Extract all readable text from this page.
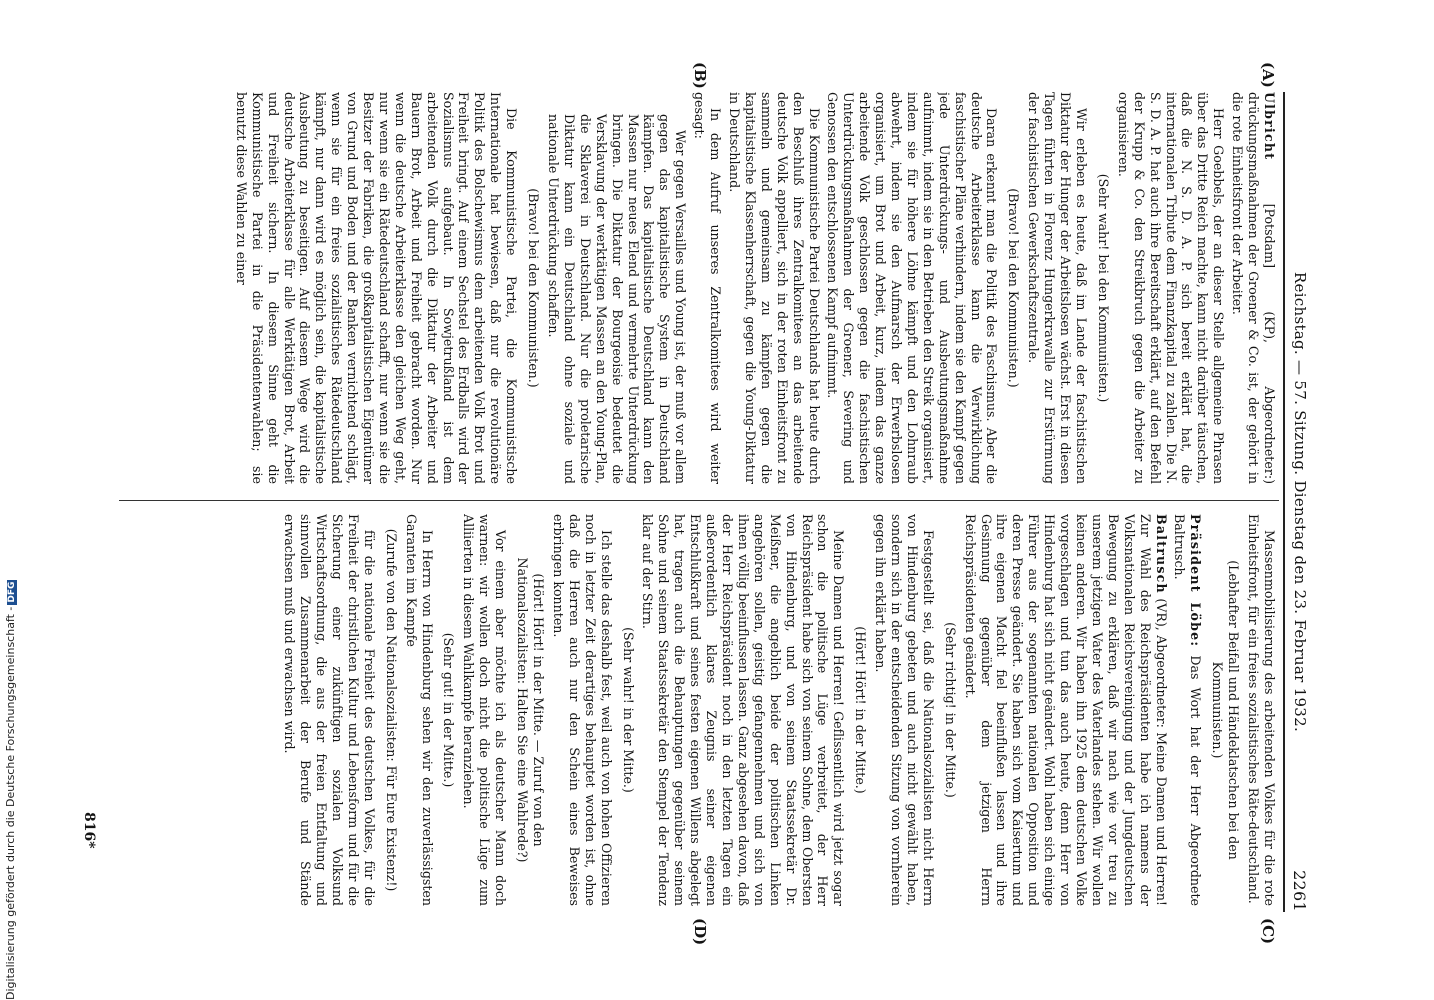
Reichstag. — 57. Sitzung. Dienstag den 23. Februar 1932.
2261
(A)
(B)
(C)
(D)

Ulbricht [Potsdam] (KP), Abgeordneter:) drückungsmaßnahmen der Groener & Co. ist, der gehört in die rote Einheitsfront der Arbeiter.

Herr Goebbels, der an dieser Stelle allgemeine Phrasen über das Dritte Reich machte, kann nicht darüber täuschen, daß die N. S. D. A. P. sich bereit erklärt hat, die internationalen Tribute dem Finanzkapital zu zahlen. Die N. S. D. A. P. hat auch ihre Bereitschaft erklärt, auf den Befehl der Krupp & Co. den Streikbruch gegen die Arbeiter zu organisieren.

(Sehr wahr! bei den Kommunisten.)

Wir erleben es heute, daß im Lande der faschistischen Diktatur der Hunger der Arbeitslosen wächst. Erst in diesen Tagen führten in Florenz Hungerkrawalle zur Erstürmung der faschistischen Gewerkschaftszentrale.

(Bravo! bei den Kommunisten.)

Daran erkennt man die Politik des Faschismus. Aber die deutsche Arbeiterklasse kann die Verwirklichung faschistischer Pläne verhindern, indem sie den Kampf gegen jede Unterdrückungs- und Ausbeutungsmaßnahme aufnimmt, indem sie in den Betrieben den Streik organisiert, indem sie für höhere Löhne kämpft und den Lohnraub abwehrt, indem sie den Aufmarsch der Erwerbslosen organisiert, um Brot und Arbeit, kurz, indem das ganze arbeitende Volk geschlossen gegen die faschistischen Unterdrückungsmaßnahmen der Groener, Severing und Genossen den entschlossenen Kampf aufnimmt.

Die Kommunistische Partei Deutschlands hat heute durch den Beschluß ihres Zentralkomitees an das arbeitende deutsche Volk appelliert, sich in der roten Einheitsfront zu sammeln und gemeinsam zu kämpfen gegen die kapitalistische Klassenherrschaft, gegen die Young-Diktatur in Deutschland.

In dem Aufruf unseres Zentralkomitees wird weiter gesagt:

Wer gegen Versailles und Young ist, der muß vor allem gegen das kapitalistische System in Deutschland kämpfen. Das kapitalistische Deutschland kann den Massen nur neues Elend und vermehrte Unterdrückung bringen. Die Diktatur der Bourgeoisie bedeutet die Versklavung der werktätigen Massen an den Young-Plan, die Sklaverei in Deutschland. Nur die proletarische Diktatur kann ein Deutschland ohne soziale und nationale Unterdrückung schaffen.

(Bravo! bei den Kommunisten.)

Die Kommunistische Partei, die Kommunistische Internationale hat bewiesen, daß nur die revolutionäre Politik des Bolschewismus dem arbeitenden Volk Brot und Freiheit bringt. Auf einem Sechstel des Erdballs wird der Sozialismus aufgebaut. In Sowjetrußland ist dem arbeitenden Volk durch die Diktatur der Arbeiter und Bauern Brot, Arbeit und Freiheit gebracht worden. Nur wenn die deutsche Arbeiterklasse den gleichen Weg geht, nur wenn sie ein Rätedeutschland schafft, nur wenn sie die Besitzer der Fabriken, die großkapitalistischen Eigentümer von Grund und Boden und der Banken vernichtend schlägt, wenn sie für ein freies sozialistisches Rätedeutschland kämpft, nur dann wird es möglich sein, die kapitalistische Ausbeutung zu beseitigen. Auf diesem Wege wird die deutsche Arbeiterklasse für alle Werktätigen Brot, Arbeit und Freiheit sichern. In diesem Sinne geht die Kommunistische Partei in die Präsidentenwahlen; sie benutzt diese Wahlen zu einer

Massenmobilisierung des arbeitenden Volkes für die rote Einheitsfront, für ein freies sozialistisches Räte-deutschland.

(Lebhafter Beifall und Händeklatschen bei den Kommunisten.)

Präsident Löbe: Das Wort hat der Herr Abgeordnete Baltrusch.

Baltrusch (VR), Abgeordneter: Meine Damen und Herren! Zur Wahl des Reichspräsidenten habe ich namens der Volksnationalen Reichsvereinigung und der Jungdeutschen Bewegung zu erklären, daß wir nach wie vor treu zu unserem jetzigen Vater des Vaterlandes stehen. Wir wollen keinen anderen. Wir haben ihn 1925 dem deutschen Volke vorgeschlagen und tun das auch heute, denn Herr von Hindenburg hat sich nicht geändert. Wohl haben sich einige Führer aus der sogenannten nationalen Opposition und deren Presse geändert. Sie haben sich vom Kaisertum und ihre eigenen Macht fiel beeinflußen lassen und ihre Gesinnung gegenüber dem jetzigen Herrn Reichspräsidenten geändert.

(Sehr richtig! in der Mitte.)

Festgestellt sei, daß die Nationalsozialisten nicht Herrn von Hindenburg gebeten und auch nicht gewählt haben, sondern sich in der entscheidenden Sitzung von vornherein gegen ihn erklärt haben.

(Hört! Hört! in der Mitte.)

Meine Damen und Herren! Geflissentlich wird jetzt sogar schon die politische Lüge verbreitet, der Herr Reichspräsident habe sich von seinem Sohne, dem Obersten von Hindenburg, und von seinem Staatssekretär Dr. Meißner, die angeblich beide der politischen Linken angehören sollen, geistig gefangennehmen und sich von ihnen völlig beeinflussen lassen. Ganz abgesehen davon, daß der Herr Reichspräsident noch in den letzten Tagen ein außerordentlich klares Zeugnis seiner eigenen Entschlußkraft und seines festen eigenen Willens abgelegt hat, tragen auch die Behauptungen gegenüber seinem Sohne und seinem Staatssekretär den Stempel der Tendenz klar auf der Stirn.

(Sehr wahr! in der Mitte.)

Ich stelle das deshalb fest, weil auch von hohen Offizieren noch in letzter Zeit derartiges behauptet worden ist, ohne daß die Herren auch nur den Schein eines Beweises erbringen konnten.

(Hört! Hört! in der Mitte. — Zuruf von den Nationalsozialisten: Halten Sie eine Wahlrede?)

Vor einem aber möchte ich als deutscher Mann doch warnen: wir wollen doch nicht die politische Lüge zum Alliierten in diesem Wahlkampfe heranziehen.

(Sehr gut! in der Mitte.)

In Herrn von Hindenburg sehen wir den zuverlässigsten Garanten im Kampfe

(Zurufe von den Nationalsozialisten: Für Eure Existenz!)

für die nationale Freiheit des deutschen Volkes, für die Freiheit der christlichen Kultur und Lebensform und für die Sicherung einer zukünftigen sozialen Volksund Wirtschaftsordnung, die aus der freien Entfaltung und sinnvollen Zusammenarbeit der Berufe und Stände erwachsen muß und erwachsen wird.

816*
Digitalisierung gefördert durch die Deutsche Forschungsgemeinschaft -DFG
